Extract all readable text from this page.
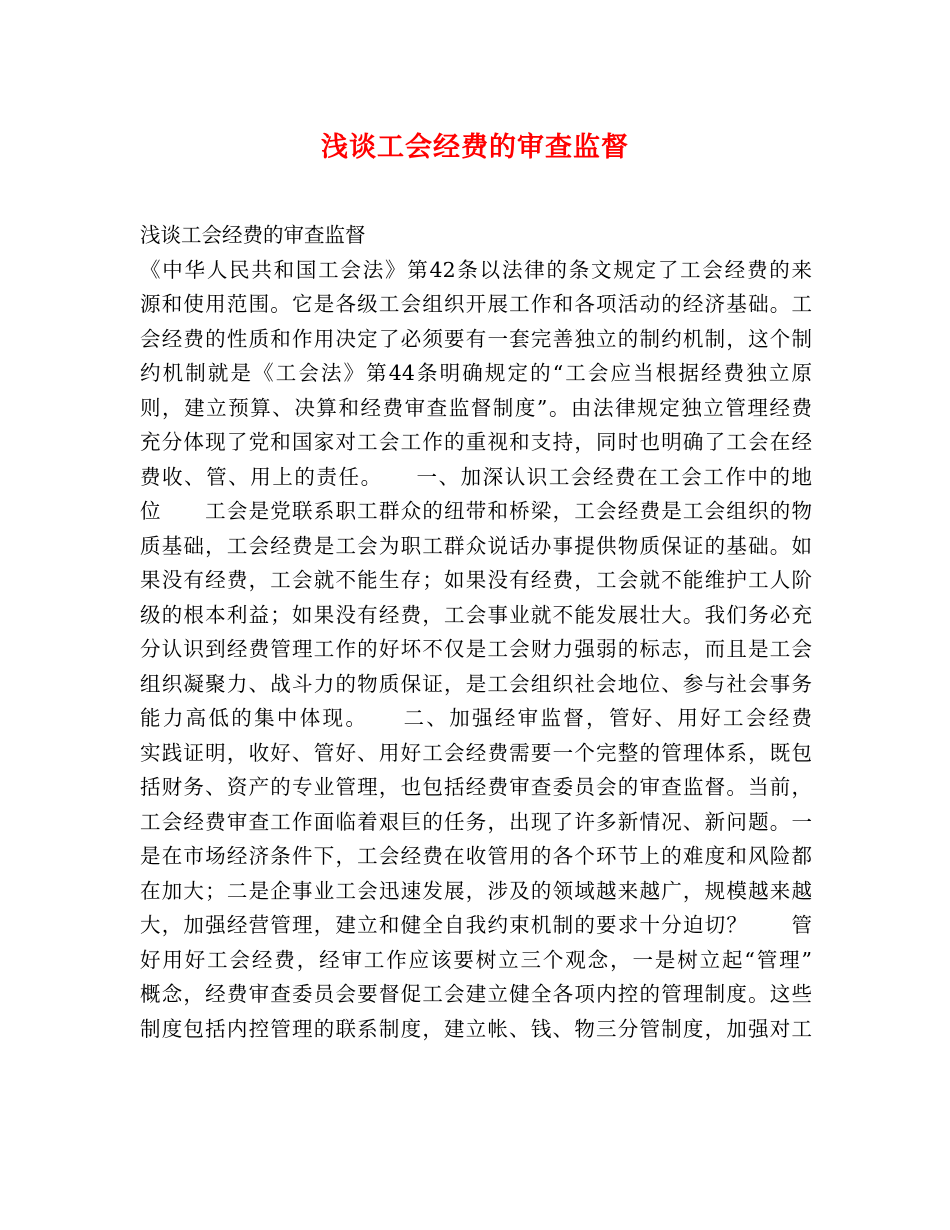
浅谈工会经费的审查监督

浅谈工会经费的审查监督

《中华人民共和国工会法》第42条以法律的条文规定了工会经费的来
源和使用范围。它是各级工会组织开展工作和各项活动的经济基础。工
会经费的性质和作用决定了必须要有一套完善独立的制约机制，这个制
约机制就是《工会法》第44条明确规定的“工会应当根据经费独立原
则，建立预算、决算和经费审查监督制度”。由法律规定独立管理经费
充分体现了党和国家对工会工作的重视和支持，同时也明确了工会在经
费收、管、用上的责任。　　一、加深认识工会经费在工会工作中的地
位　　工会是党联系职工群众的纽带和桥梁，工会经费是工会组织的物
质基础，工会经费是工会为职工群众说话办事提供物质保证的基础。如
果没有经费，工会就不能生存；如果没有经费，工会就不能维护工人阶
级的根本利益；如果没有经费，工会事业就不能发展壮大。我们务必充
分认识到经费管理工作的好坏不仅是工会财力强弱的标志，而且是工会
组织凝聚力、战斗力的物质保证，是工会组织社会地位、参与社会事务
能力高低的集中体现。　　二、加强经审监督，管好、用好工会经费
实践证明，收好、管好、用好工会经费需要一个完整的管理体系，既包
括财务、资产的专业管理，也包括经费审查委员会的审查监督。当前，
工会经费审查工作面临着艰巨的任务，出现了许多新情况、新问题。一
是在市场经济条件下，工会经费在收管用的各个环节上的难度和风险都
在加大；二是企事业工会迅速发展，涉及的领域越来越广，规模越来越
大，加强经营管理，建立和健全自我约束机制的要求十分迫切？　　管
好用好工会经费，经审工作应该要树立三个观念，一是树立起“管理”
概念，经费审查委员会要督促工会建立健全各项内控的管理制度。这些
制度包括内控管理的联系制度，建立帐、钱、物三分管制度，加强对工
